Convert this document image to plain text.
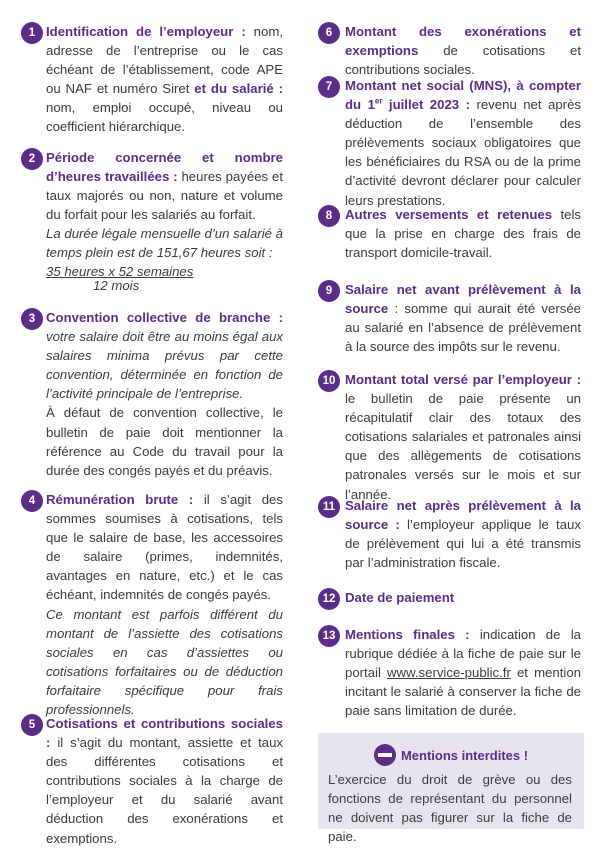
1 Identification de l’employeur : nom, adresse de l’entreprise ou le cas échéant de l’établissement, code APE ou NAF et numéro Siret et du salarié : nom, emploi occupé, niveau ou coefficient hiérarchique.
2 Période concernée et nombre d’heures travaillées : heures payées et taux majorés ou non, nature et volume du forfait pour les salariés au forfait.
La durée légale mensuelle d’un salarié à temps plein est de 151,67 heures soit :
35 heures x 52 semaines
12 mois
3 Convention collective de branche : votre salaire doit être au moins égal aux salaires minima prévus par cette convention, déterminée en fonction de l’activité principale de l’entreprise.
À défaut de convention collective, le bulletin de paie doit mentionner la référence au Code du travail pour la durée des congés payés et du préavis.
4 Rémunération brute : il s’agit des sommes soumises à cotisations, tels que le salaire de base, les accessoires de salaire (primes, indemnités, avantages en nature, etc.) et le cas échéant, indemnités de congés payés.
Ce montant est parfois différent du montant de l’assiette des cotisations sociales en cas d’assiettes ou cotisations forfaitaires ou de déduction forfaitaire spécifique pour frais professionnels.
5 Cotisations et contributions sociales : il s’agit du montant, assiette et taux des différentes cotisations et contributions sociales à la charge de l’employeur et du salarié avant déduction des exonérations et exemptions.
6 Montant des exonérations et exemptions de cotisations et contributions sociales.
7 Montant net social (MNS), à compter du 1er juillet 2023 : revenu net après déduction de l’ensemble des prélèvements sociaux obligatoires que les bénéficiaires du RSA ou de la prime d’activité devront déclarer pour calculer leurs prestations.
8 Autres versements et retenues tels que la prise en charge des frais de transport domicile-travail.
9 Salaire net avant prélèvement à la source : somme qui aurait été versée au salarié en l’absence de prélèvement à la source des impôts sur le revenu.
10 Montant total versé par l’employeur : le bulletin de paie présente un récapitulatif clair des totaux des cotisations salariales et patronales ainsi que des allègements de cotisations patronales versés sur le mois et sur l’année.
11 Salaire net après prélèvement à la source : l’employeur applique le taux de prélèvement qui lui a été transmis par l’administration fiscale.
12 Date de paiement
13 Mentions finales : indication de la rubrique dédiée à la fiche de paie sur le portail www.service-public.fr et mention incitant le salarié à conserver la fiche de paie sans limitation de durée.
Mentions interdites !
L’exercice du droit de grève ou des fonctions de représentant du personnel ne doivent pas figurer sur la fiche de paie.
